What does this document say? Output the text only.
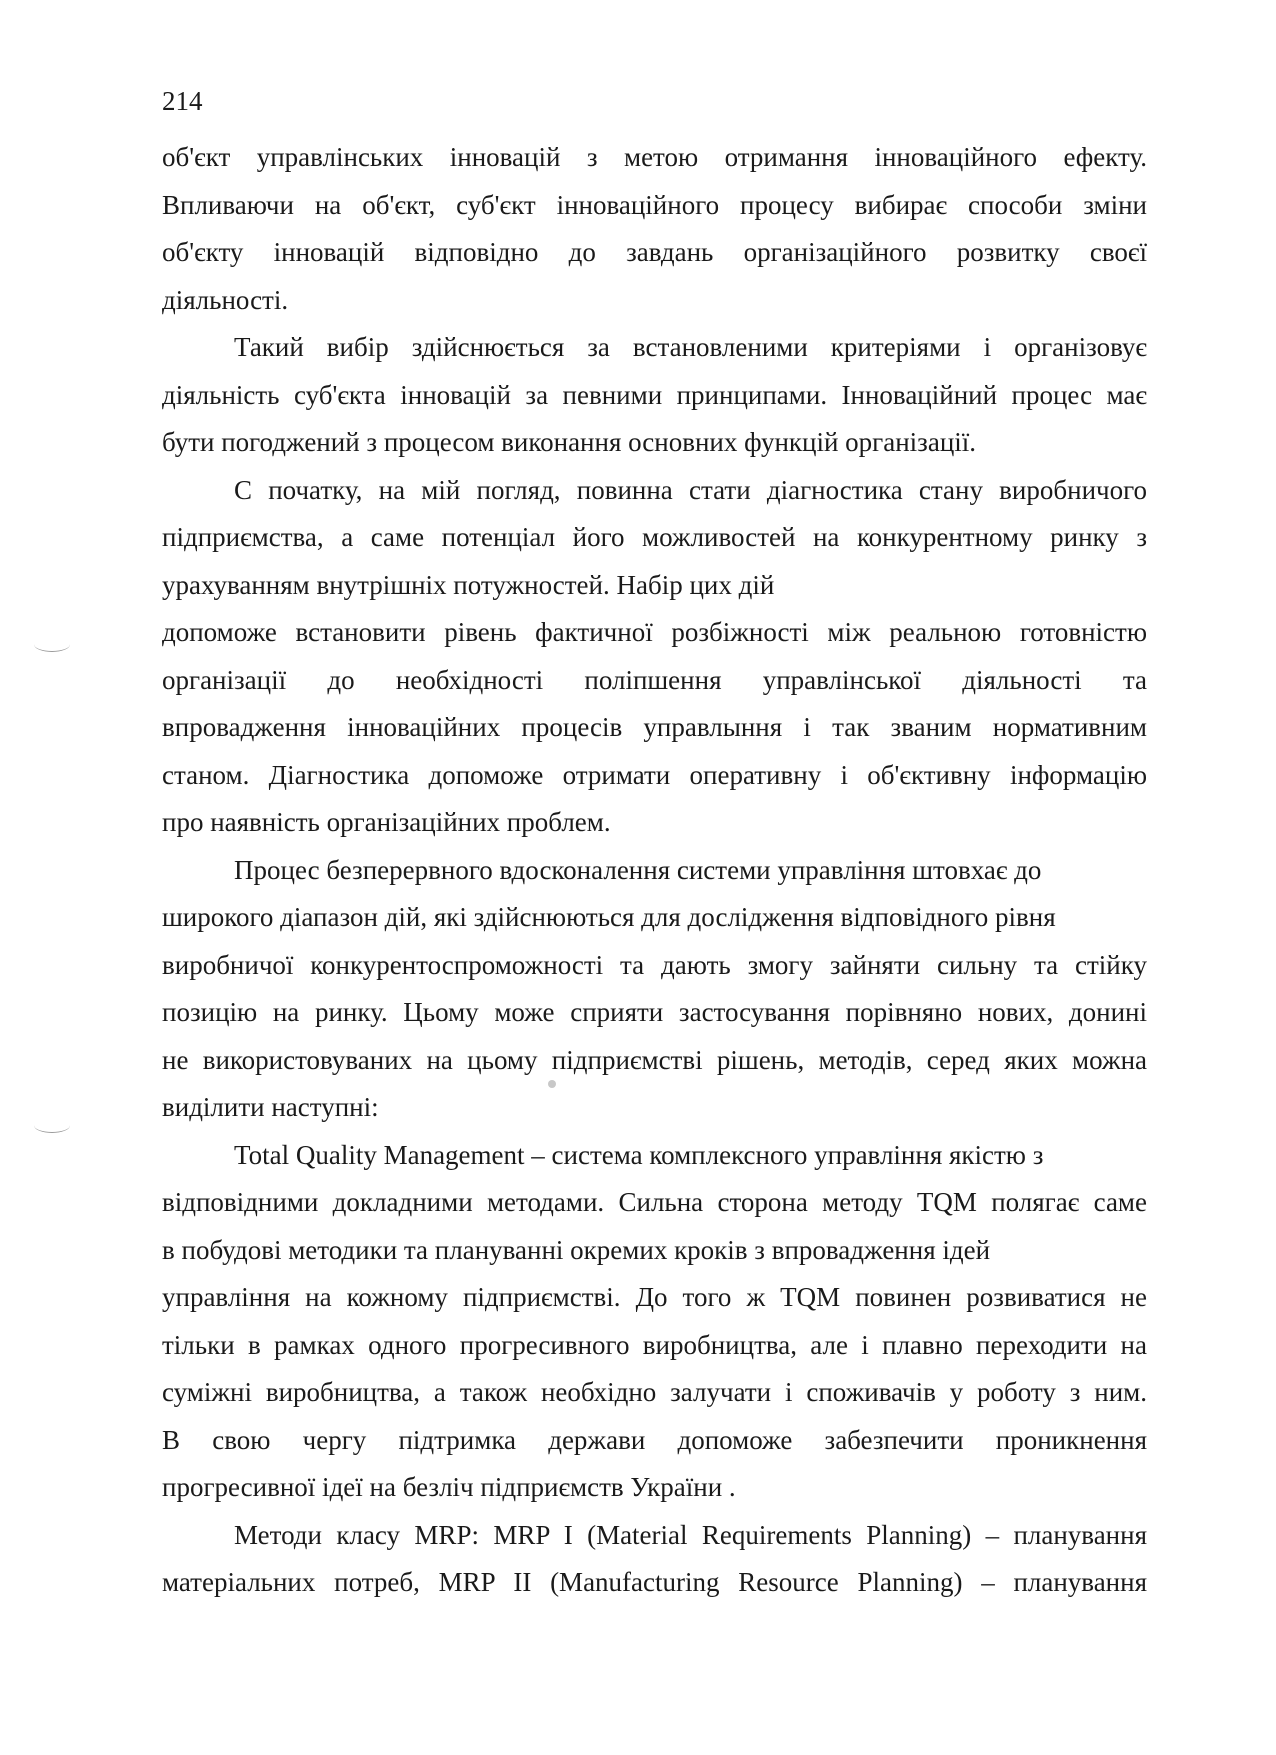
214
об'єкт управлінських інновацій з метою отримання інноваційного ефекту.
Впливаючи на об'єкт, суб'єкт інноваційного процесу вибирає способи зміни
об'єкту інновацій відповідно до завдань організаційного розвитку своєї
діяльності.
Такий вибір здійснюється за встановленими критеріями і організовує
діяльність суб'єкта інновацій за певними принципами. Інноваційний процес має
бути погоджений з процесом виконання основних функцій організації.
С початку, на мій погляд, повинна стати діагностика стану виробничого
підприємства, а саме потенціал його можливостей на конкурентному ринку з
урахуванням внутрішніх потужностей. Набір цих дій
допоможе встановити рівень фактичної розбіжності між реальною готовністю
організації до необхідності поліпшення управлінської діяльності та
впровадження інноваційних процесів управлыння і так званим нормативним
станом. Діагностика допоможе отримати оперативну і об'єктивну інформацію
про наявність організаційних проблем.
Процес безперервного вдосконалення системи управління штовхає до
широкого діапазон дій, які здійснюються для дослідження відповідного рівня
виробничої конкурентоспроможності та дають змогу зайняти сильну та стійку
позицію на ринку. Цьому може сприяти застосування порівняно нових, донині
не використовуваних на цьому підприємстві рішень, методів, серед яких можна
виділити наступні:
Total Quality Management – система комплексного управління якістю з
відповідними докладними методами. Сильна сторона методу TQM полягає саме
в побудові методики та плануванні окремих кроків з впровадження ідей
управління на кожному підприємстві. До того ж TQM повинен розвиватися не
тільки в рамках одного прогресивного виробництва, але і плавно переходити на
суміжні виробництва, а також необхідно залучати і споживачів у роботу з ним.
В свою чергу підтримка держави допоможе забезпечити проникнення
прогресивної ідеї на безліч підприємств України .
Методи класу MRP: MRP I (Material Requirements Planning) – планування
матеріальних потреб, MRP II (Manufacturing Resource Planning) – планування
